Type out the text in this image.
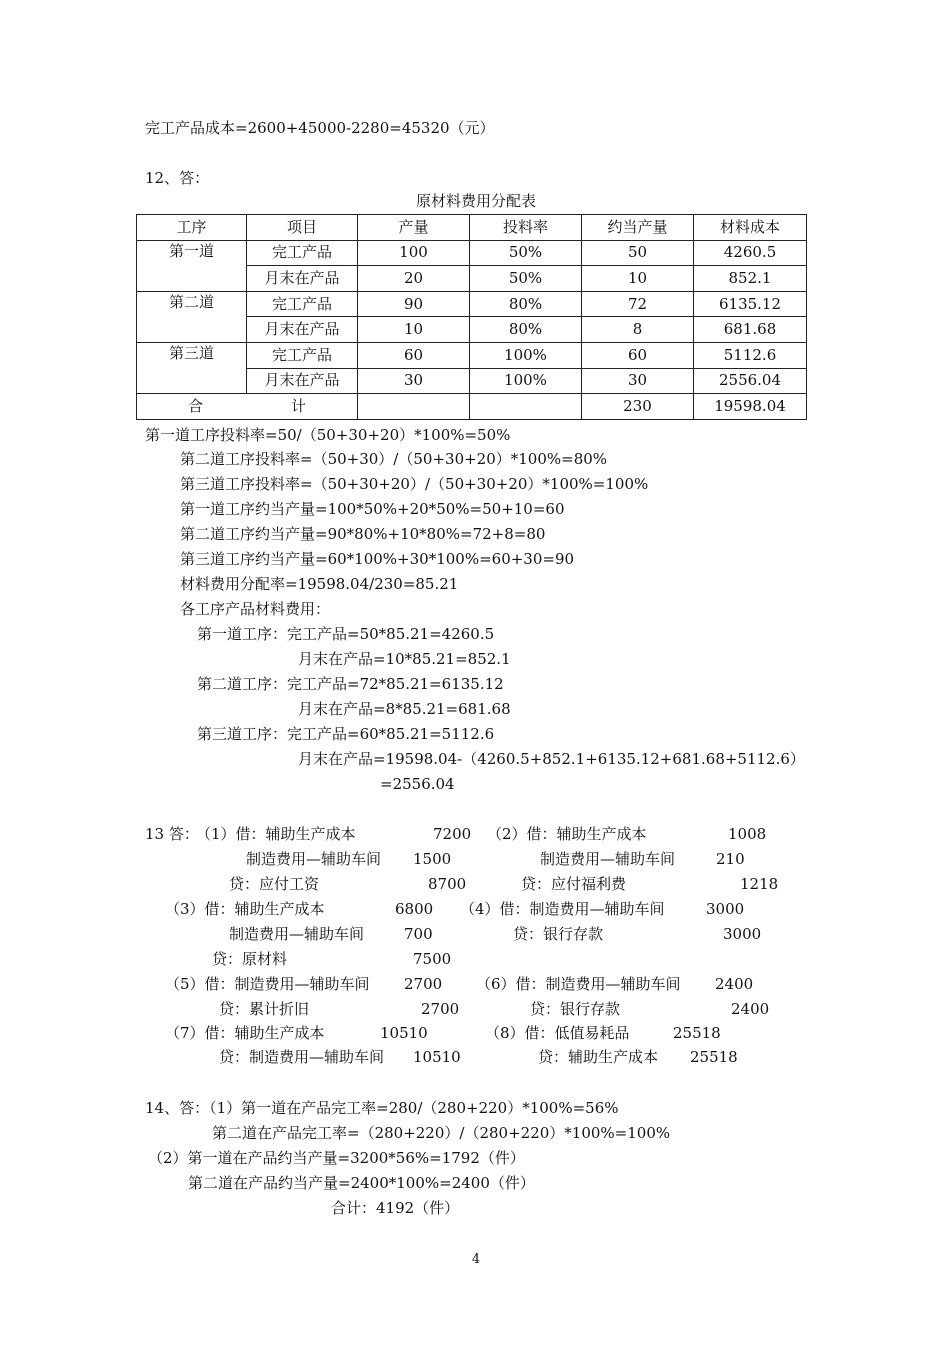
完工产品成本=2600+45000-2280=45320（元）
12、答：
原材料费用分配表
工序	项目	产量	投料率	约当产量	材料成本
第一道	完工产品	100	50%	50	4260.5
	月末在产品	20	50%	10	852.1
第二道	完工产品	90	80%	72	6135.12
	月末在产品	10	80%	8	681.68
第三道	完工产品	60	100%	60	5112.6
	月末在产品	30	100%	30	2556.04
合 计				230	19598.04
第一道工序投料率=50/（50+30+20）*100%=50%
第二道工序投料率=（50+30）/（50+30+20）*100%=80%
第三道工序投料率=（50+30+20）/（50+30+20）*100%=100%
第一道工序约当产量=100*50%+20*50%=50+10=60
第二道工序约当产量=90*80%+10*80%=72+8=80
第三道工序约当产量=60*100%+30*100%=60+30=90
材料费用分配率=19598.04/230=85.21
各工序产品材料费用：
第一道工序：完工产品=50*85.21=4260.5
月末在产品=10*85.21=852.1
第二道工序：完工产品=72*85.21=6135.12
月末在产品=8*85.21=681.68
第三道工序：完工产品=60*85.21=5112.6
月末在产品=19598.04-（4260.5+852.1+6135.12+681.68+5112.6）
=2556.04
13 答：
（1）借：辅助生产成本	7200 （2）借：辅助生产成本	1008
制造费用—辅助车间 1500	制造费用—辅助车间	210
贷：应付工资	8700	贷：应付福利费	1218
（3）借：辅助生产成本	6800 （4）借：制造费用—辅助车间	3000
制造费用—辅助车间	700	贷：银行存款	3000
贷：原材料	7500
（5）借：制造费用—辅助车间 2700 （6）借：制造费用—辅助车间 2400
贷：累计折旧	2700	贷：银行存款	2400
（7）借：辅助生产成本	10510	（8）借：低值易耗品	25518
贷：制造费用—辅助车间 10510	贷：辅助生产成本 25518
14、答：（1）第一道在产品完工率=280/（280+220）*100%=56%
第二道在产品完工率=（280+220）/（280+220）*100%=100%
（2）第一道在产品约当产量=3200*56%=1792（件）
第二道在产品约当产量=2400*100%=2400（件）
合计：4192（件）
4
